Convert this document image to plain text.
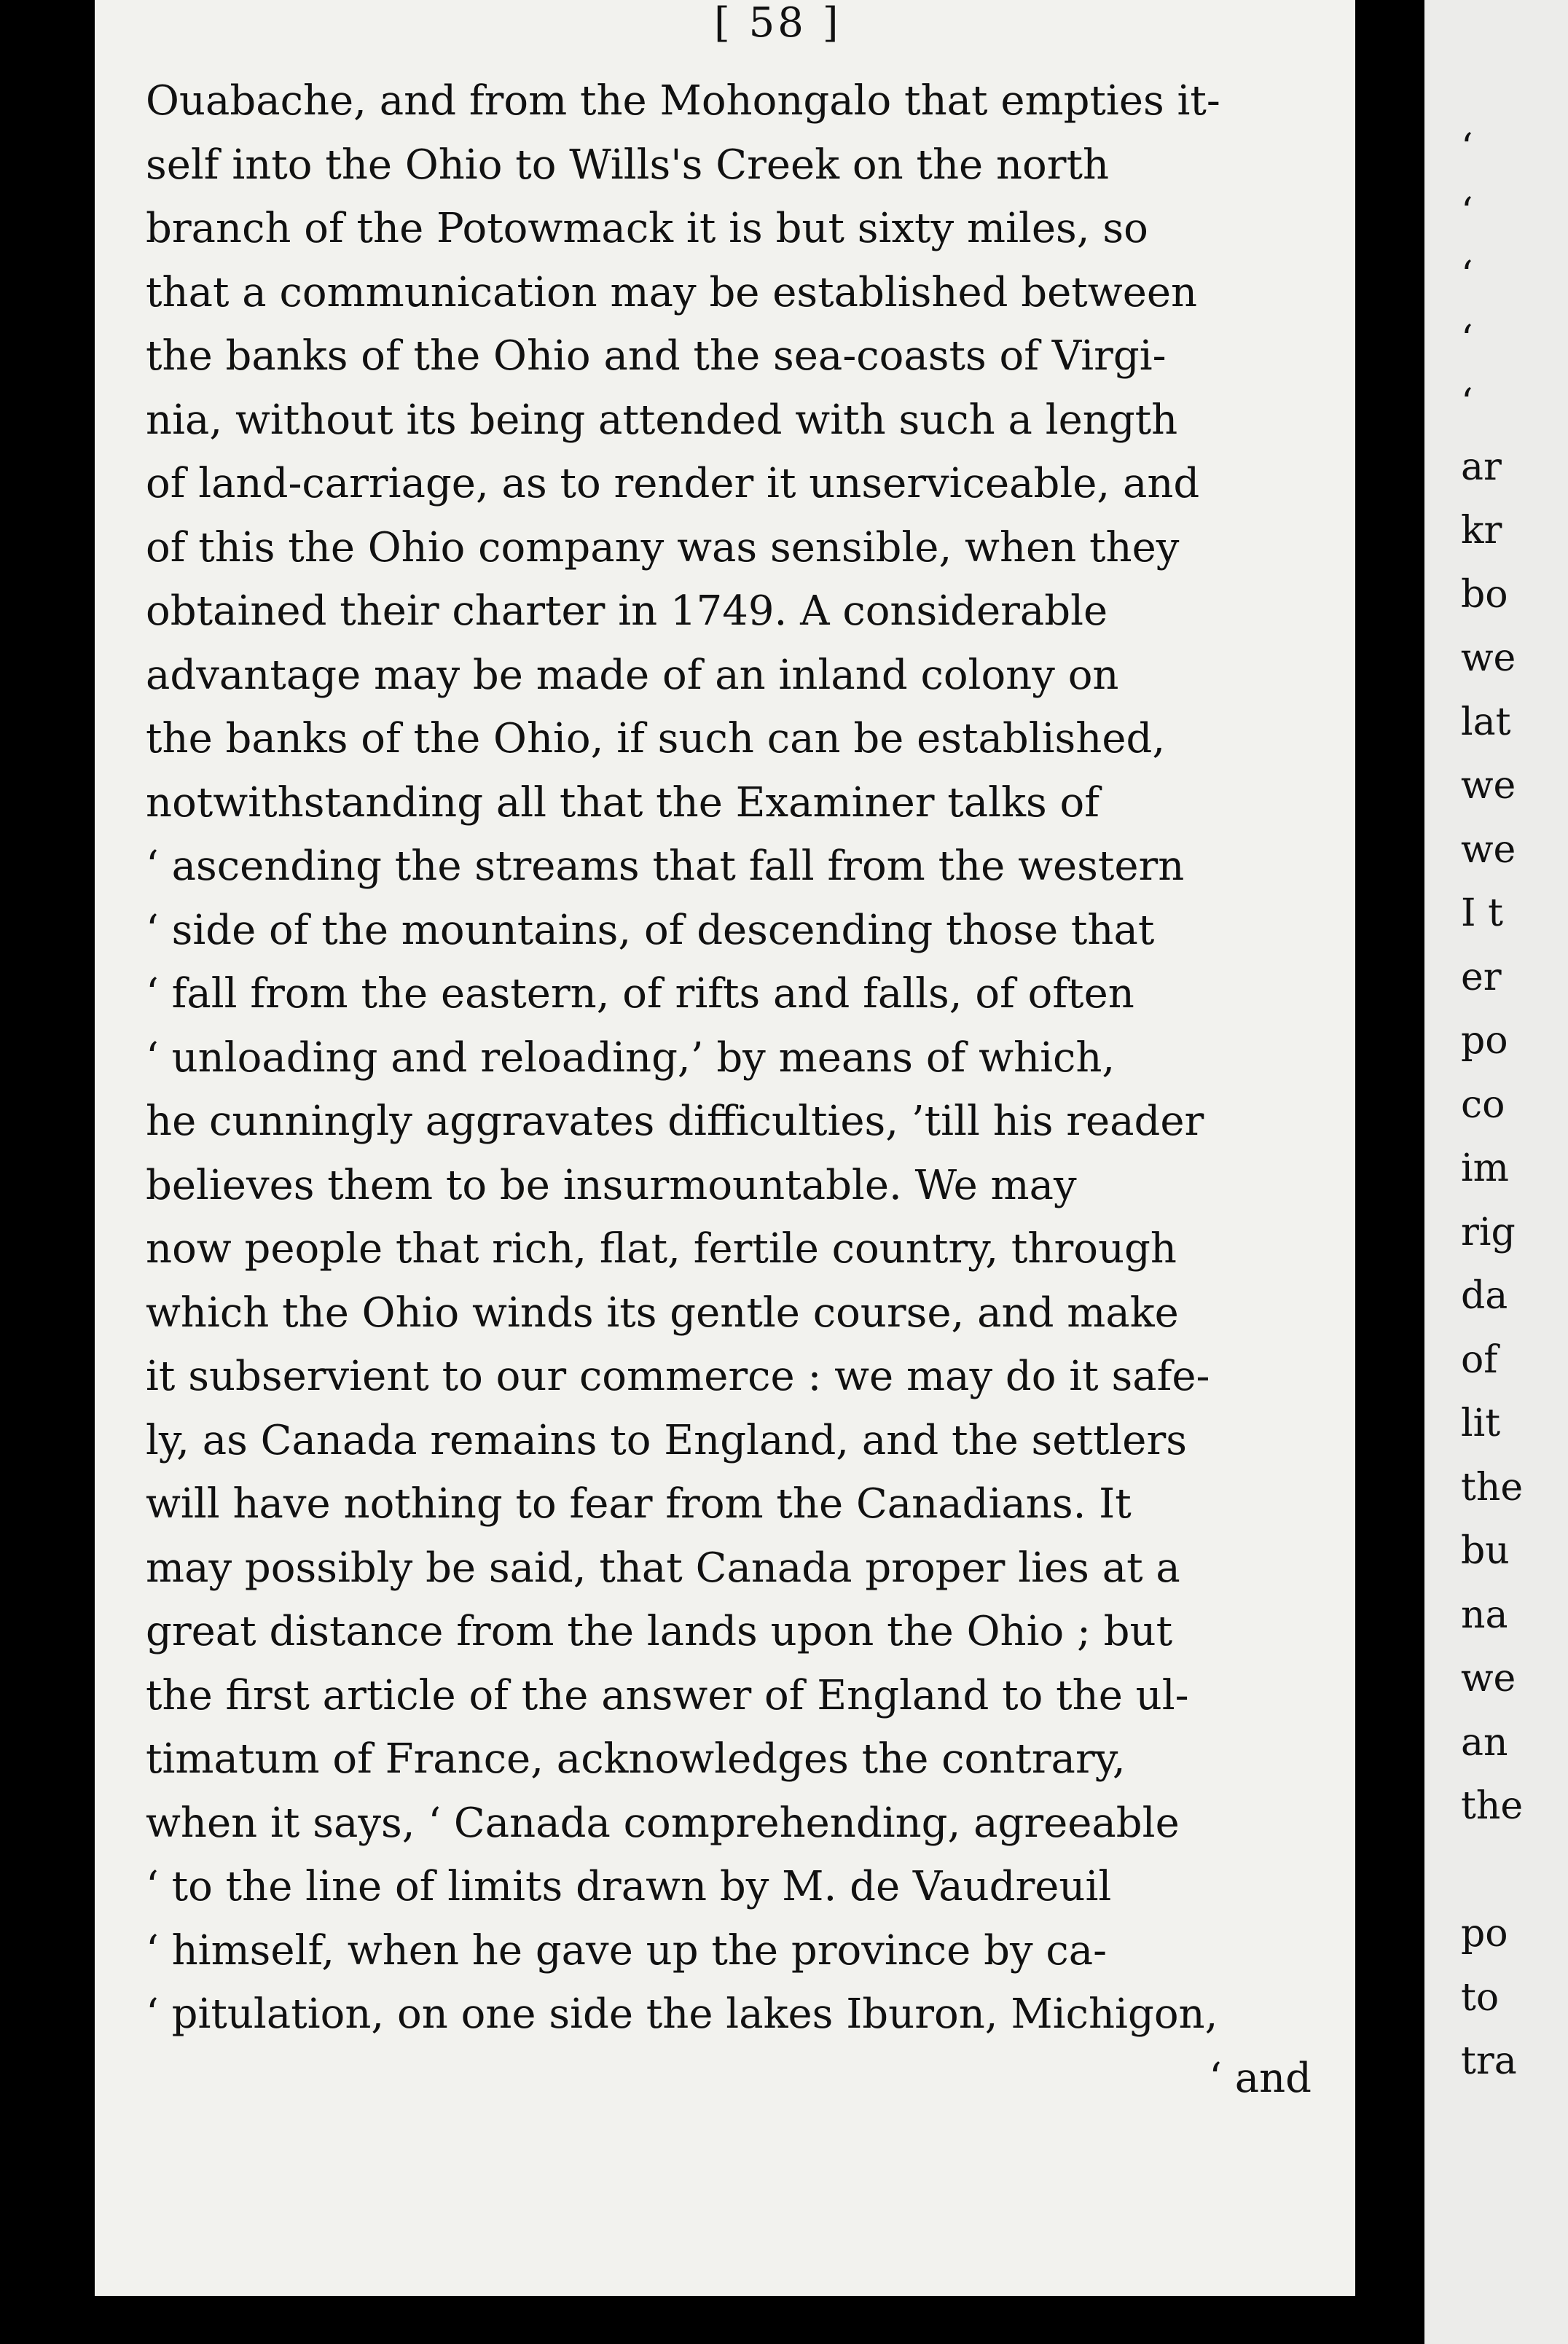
[ 58 ]
Ouabache, and from the Mohongalo that empties it-
self into the Ohio to Wills's Creek on the north
branch of the Potowmack it is but sixty miles, so
that a communication may be established between
the banks of the Ohio and the sea-coasts of Virgi-
nia, without its being attended with such a length
of land-carriage, as to render it unserviceable, and
of this the Ohio company was sensible, when they
obtained their charter in 1749. A considerable
advantage may be made of an inland colony on
the banks of the Ohio, if such can be established,
notwithstanding all that the Examiner talks of
‘ ascending the streams that fall from the western
‘ side of the mountains, of descending those that
‘ fall from the eastern, of rifts and falls, of often
‘ unloading and reloading,’ by means of which,
he cunningly aggravates difficulties, ’till his reader
believes them to be insurmountable. We may
now people that rich, flat, fertile country, through
which the Ohio winds its gentle course, and make
it subservient to our commerce : we may do it safe-
ly, as Canada remains to England, and the settlers
will have nothing to fear from the Canadians. It
may possibly be said, that Canada proper lies at a
great distance from the lands upon the Ohio ; but
the first article of the answer of England to the ul-
timatum of France, acknowledges the contrary,
when it says, ‘ Canada comprehending, agreeable
‘ to the line of limits drawn by M. de Vaudreuil
‘ himself, when he gave up the province by ca-
‘ pitulation, on one side the lakes Iburon, Michigon,
‘ and
‘
‘
‘
‘
‘
ar
kr
bo
we
lat
we
we
I t
er
po
co
im
rig
da
of
lit
the
bu
na
we
an
the
po
to
tra
